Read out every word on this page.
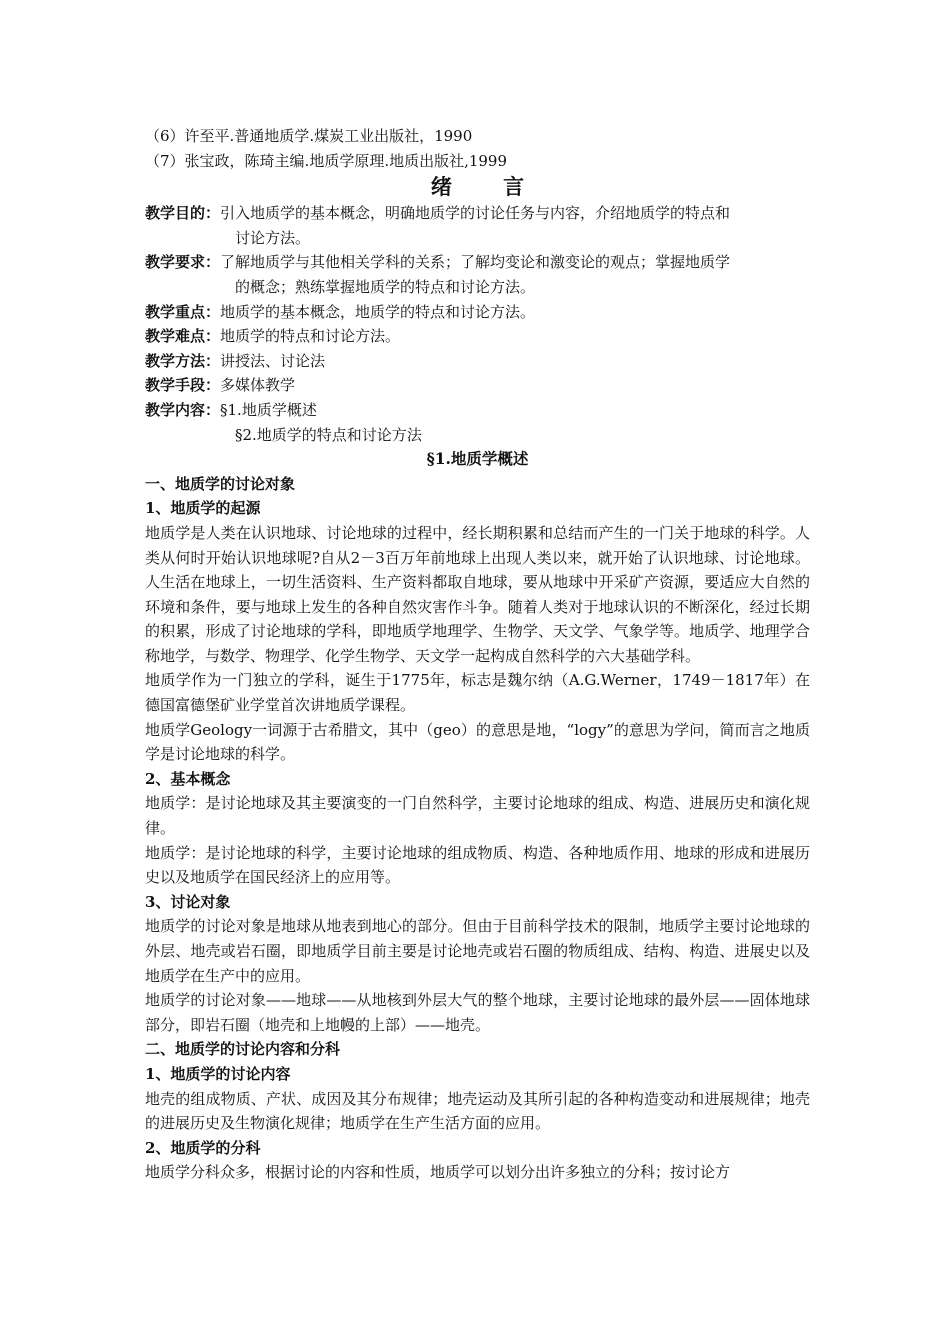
（6）许至平.普通地质学.煤炭工业出版社，1990
（7）张宝政，陈琦主编.地质学原理.地质出版社,1999
绪 言
教学目的： 引入地质学的基本概念，明确地质学的讨论任务与内容，介绍地质学的特点和
讨论方法。
教学要求： 了解地质学与其他相关学科的关系；了解均变论和激变论的观点；掌握地质学
的概念；熟练掌握地质学的特点和讨论方法。
教学重点： 地质学的基本概念，地质学的特点和讨论方法。
教学难点： 地质学的特点和讨论方法。
教学方法： 讲授法、讨论法
教学手段： 多媒体教学
教学内容： §1.地质学概述
§2.地质学的特点和讨论方法
§1.地质学概述
一、地质学的讨论对象
1、地质学的起源
地质学是人类在认识地球、讨论地球的过程中，经长期积累和总结而产生的一门关于地球的科学。人类从何时开始认识地球呢?自从2－3百万年前地球上出现人类以来，就开始了认识地球、讨论地球。人生活在地球上，一切生活资料、生产资料都取自地球，要从地球中开采矿产资源，要适应大自然的环境和条件，要与地球上发生的各种自然灾害作斗争。随着人类对于地球认识的不断深化，经过长期的积累，形成了讨论地球的学科，即地质学地理学、生物学、天文学、气象学等。地质学、地理学合称地学，与数学、物理学、化学生物学、天文学一起构成自然科学的六大基础学科。
地质学作为一门独立的学科，诞生于1775年，标志是魏尔纳（A.G.Werner，1749－1817年）在德国富德堡矿业学堂首次讲地质学课程。
地质学Geology一词源于古希腊文，其中（geo）的意思是地，“logy”的意思为学问，简而言之地质学是讨论地球的科学。
2、基本概念
地质学：是讨论地球及其主要演变的一门自然科学，主要讨论地球的组成、构造、进展历史和演化规律。
地质学：是讨论地球的科学，主要讨论地球的组成物质、构造、各种地质作用、地球的形成和进展历史以及地质学在国民经济上的应用等。
3、讨论对象
地质学的讨论对象是地球从地表到地心的部分。但由于目前科学技术的限制，地质学主要讨论地球的外层、地壳或岩石圈，即地质学目前主要是讨论地壳或岩石圈的物质组成、结构、构造、进展史以及地质学在生产中的应用。
地质学的讨论对象——地球——从地核到外层大气的整个地球，主要讨论地球的最外层——固体地球部分，即岩石圈（地壳和上地幔的上部）——地壳。
二、地质学的讨论内容和分科
1、地质学的讨论内容
地壳的组成物质、产状、成因及其分布规律；地壳运动及其所引起的各种构造变动和进展规律；地壳的进展历史及生物演化规律；地质学在生产生活方面的应用。
2、地质学的分科
地质学分科众多，根据讨论的内容和性质，地质学可以划分出许多独立的分科；按讨论方
